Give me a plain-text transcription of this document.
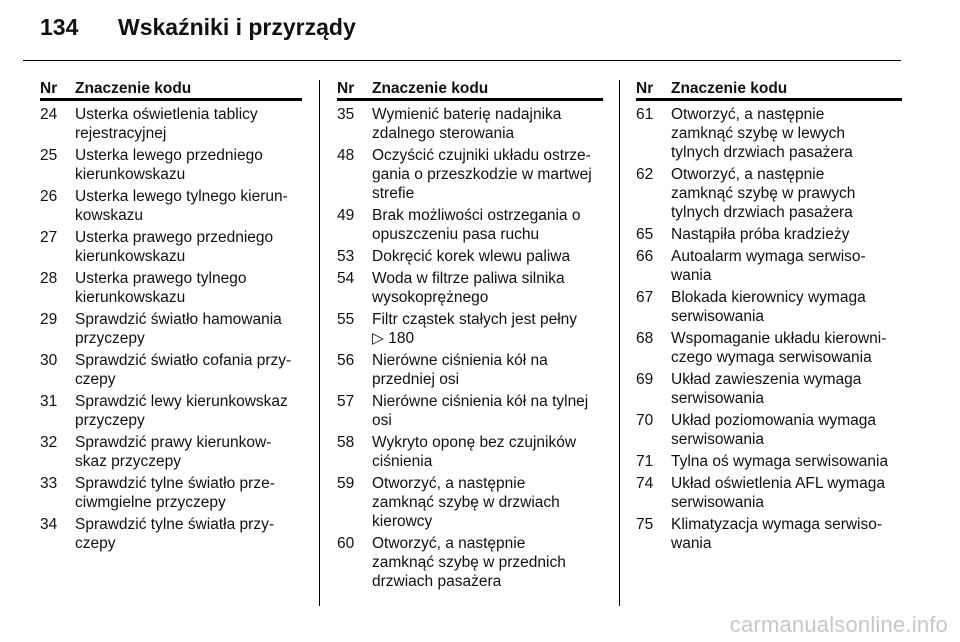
134	Wskaźniki i przyrządy
Nr	Znaczenie kodu
24	Usterka oświetlenia tablicy
rejestracyjnej
25	Usterka lewego przedniego
kierunkowskazu
26	Usterka lewego tylnego kierun-
kowskazu
27	Usterka prawego przedniego
kierunkowskazu
28	Usterka prawego tylnego
kierunkowskazu
29	Sprawdzić światło hamowania
przyczepy
30	Sprawdzić światło cofania przy-
czepy
31	Sprawdzić lewy kierunkowskaz
przyczepy
32	Sprawdzić prawy kierunkow-
skaz przyczepy
33	Sprawdzić tylne światło prze-
ciwmgielne przyczepy
34	Sprawdzić tylne światła przy-
czepy
Nr	Znaczenie kodu
35	Wymienić baterię nadajnika
zdalnego sterowania
48	Oczyścić czujniki układu ostrze-
gania o przeszkodzie w martwej
strefie
49	Brak możliwości ostrzegania o
opuszczeniu pasa ruchu
53	Dokręcić korek wlewu paliwa
54	Woda w filtrze paliwa silnika
wysokoprężnego
55	Filtr cząstek stałych jest pełny
▷ 180
56	Nierówne ciśnienia kół na
przedniej osi
57	Nierówne ciśnienia kół na tylnej
osi
58	Wykryto oponę bez czujników
ciśnienia
59	Otworzyć, a następnie
zamknąć szybę w drzwiach
kierowcy
60	Otworzyć, a następnie
zamknąć szybę w przednich
drzwiach pasażera
Nr	Znaczenie kodu
61	Otworzyć, a następnie
zamknąć szybę w lewych
tylnych drzwiach pasażera
62	Otworzyć, a następnie
zamknąć szybę w prawych
tylnych drzwiach pasażera
65	Nastąpiła próba kradzieży
66	Autoalarm wymaga serwiso-
wania
67	Blokada kierownicy wymaga
serwisowania
68	Wspomaganie układu kierowni-
czego wymaga serwisowania
69	Układ zawieszenia wymaga
serwisowania
70	Układ poziomowania wymaga
serwisowania
71	Tylna oś wymaga serwisowania
74	Układ oświetlenia AFL wymaga
serwisowania
75	Klimatyzacja wymaga serwiso-
wania
carmanualsonline.info
